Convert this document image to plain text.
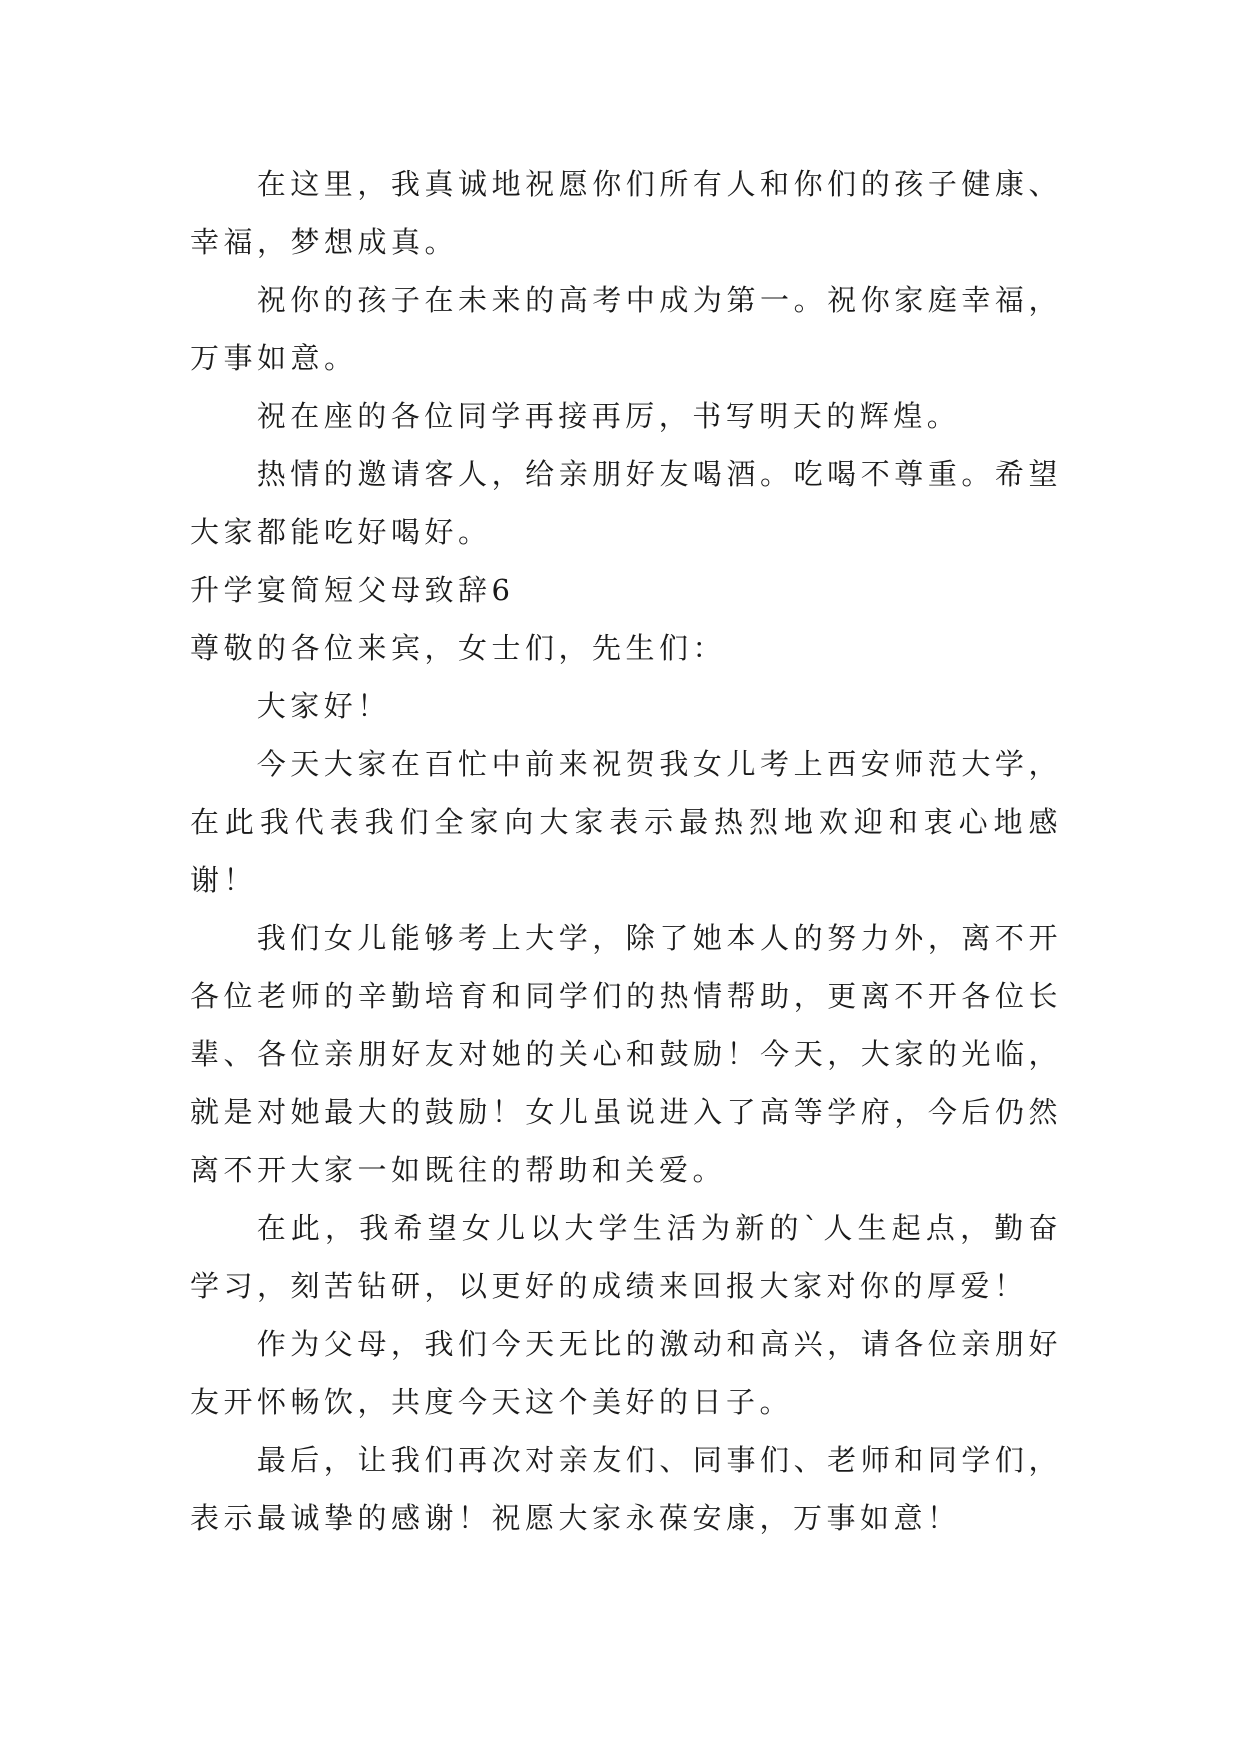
在这里，我真诚地祝愿你们所有人和你们的孩子健康、幸福，梦想成真。

祝你的孩子在未来的高考中成为第一。祝你家庭幸福，万事如意。

祝在座的各位同学再接再厉，书写明天的辉煌。

热情的邀请客人，给亲朋好友喝酒。吃喝不尊重。希望大家都能吃好喝好。

升学宴简短父母致辞6

尊敬的各位来宾，女士们，先生们：

大家好！

今天大家在百忙中前来祝贺我女儿考上西安师范大学，在此我代表我们全家向大家表示最热烈地欢迎和衷心地感谢！

我们女儿能够考上大学，除了她本人的努力外，离不开各位老师的辛勤培育和同学们的热情帮助，更离不开各位长辈、各位亲朋好友对她的关心和鼓励！今天，大家的光临，就是对她最大的鼓励！女儿虽说进入了高等学府，今后仍然离不开大家一如既往的帮助和关爱。

在此，我希望女儿以大学生活为新的`人生起点，勤奋学习，刻苦钻研，以更好的成绩来回报大家对你的厚爱！

作为父母，我们今天无比的激动和高兴，请各位亲朋好友开怀畅饮，共度今天这个美好的日子。

最后，让我们再次对亲友们、同事们、老师和同学们，表示最诚挚的感谢！祝愿大家永葆安康，万事如意！
